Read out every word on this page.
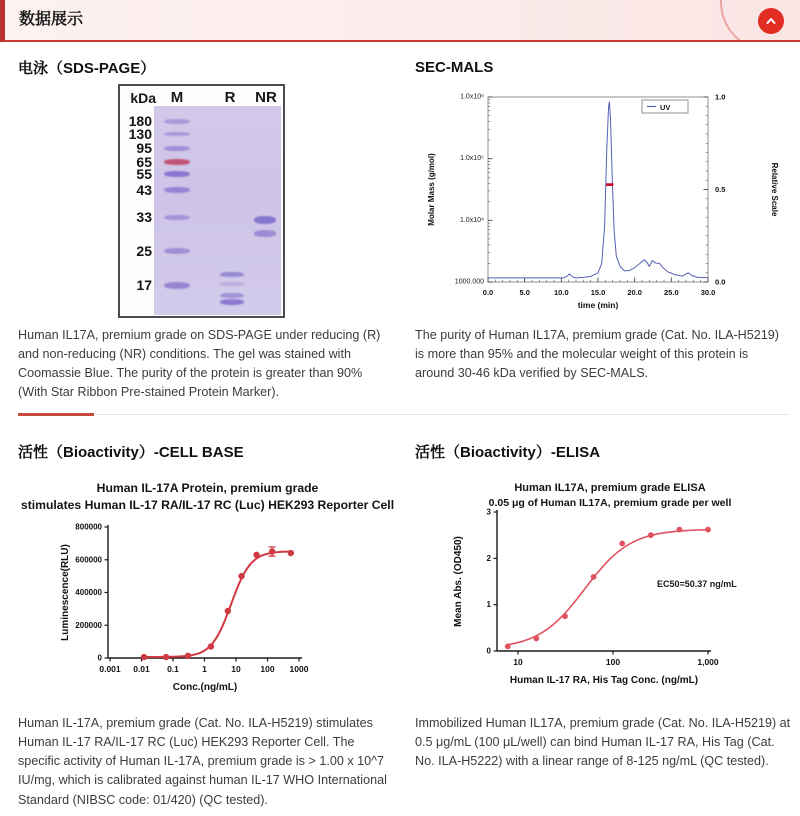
数据展示
电泳（SDS-PAGE）	SEC-MALS
活性（Bioactivity）-CELL BASE	活性（Bioactivity）-ELISA
kDa M	R NR
180
130
95
65
55
43
33
25
17

Human IL17A, premium grade on SDS-PAGE under reducing (R) and non-reducing (NR) conditions. The gel was stained with Coomassie Blue. The purity of the protein is greater than 90% (With Star Ribbon Pre-stained Protein Marker).

The purity of Human IL17A, premium grade (Cat. No. ILA-H5219) is more than 95% and the molecular weight of this protein is around 30-46 kDa verified by SEC-MALS.

0.0	5.0	10.0	15.0	20.0	25.0	30.0
1.0x10⁶
1.0x10⁵
1.0x10⁴
1000.000
1.0
0.5
0.0
Molar Mass (g/mol)	Relative Scale
time (min)
UV
Human IL-17A Protein, premium grade
stimulates Human IL-17 RA/IL-17 RC (Luc) HEK293 Reporter Cell
0.001 0.01 0.1	1	10 100 1000
0
200000
400000
600000
800000
Conc.(ng/mL)
Luminescence(RLU)
Human IL17A, premium grade ELISA
0.05 μg of Human IL17A, premium grade per well
10	100	1,000
0
1
2
3
Human IL-17 RA, His Tag Conc. (ng/mL)
Mean Abs. (OD450)	EC50=50.37 ng/mL

Human IL-17A, premium grade (Cat. No. ILA-H5219) stimulates Human IL-17 RA/IL-17 RC (Luc) HEK293 Reporter Cell. The specific activity of Human IL-17A, premium grade is > 1.00 x 10^7 IU/mg, which is calibrated against human IL-17 WHO International Standard (NIBSC code: 01/420) (QC tested).

Immobilized Human IL17A, premium grade (Cat. No. ILA-H5219) at 0.5 μg/mL (100 μL/well) can bind Human IL-17 RA, His Tag (Cat. No. ILA-H5222) with a linear range of 8-125 ng/mL (QC tested).
